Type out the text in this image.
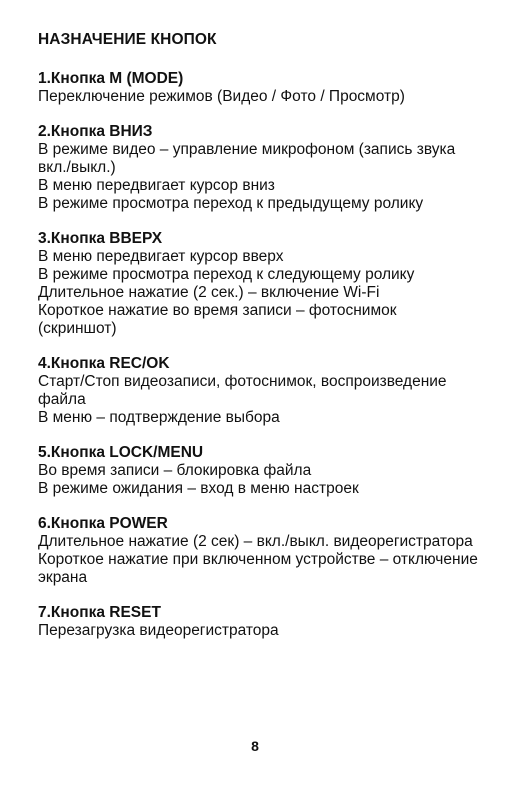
НАЗНАЧЕНИЕ КНОПОК
1.Кнопка М (MODE)
Переключение режимов (Видео / Фото / Просмотр)
2.Кнопка ВНИЗ
В режиме видео – управление микрофоном (запись звука
вкл./выкл.)
В меню передвигает курсор вниз
В режиме просмотра переход к предыдущему ролику
3.Кнопка ВВЕРХ
В меню передвигает курсор вверх
В режиме просмотра переход к следующему ролику
Длительное нажатие (2 сек.) – включение Wi-Fi
Короткое нажатие во время записи – фотоснимок
(скриншот)
4.Кнопка REC/OK
Старт/Стоп видеозаписи, фотоснимок, воспроизведение
файла
В меню – подтверждение выбора
5.Кнопка LOCK/MENU
Во время записи – блокировка файла
В режиме ожидания – вход в меню настроек
6.Кнопка POWER
Длительное нажатие (2 сек) – вкл./выкл. видеорегистратора
Короткое нажатие при включенном устройстве – отключение
экрана
7.Кнопка RESET
Перезагрузка видеорегистратора
8
